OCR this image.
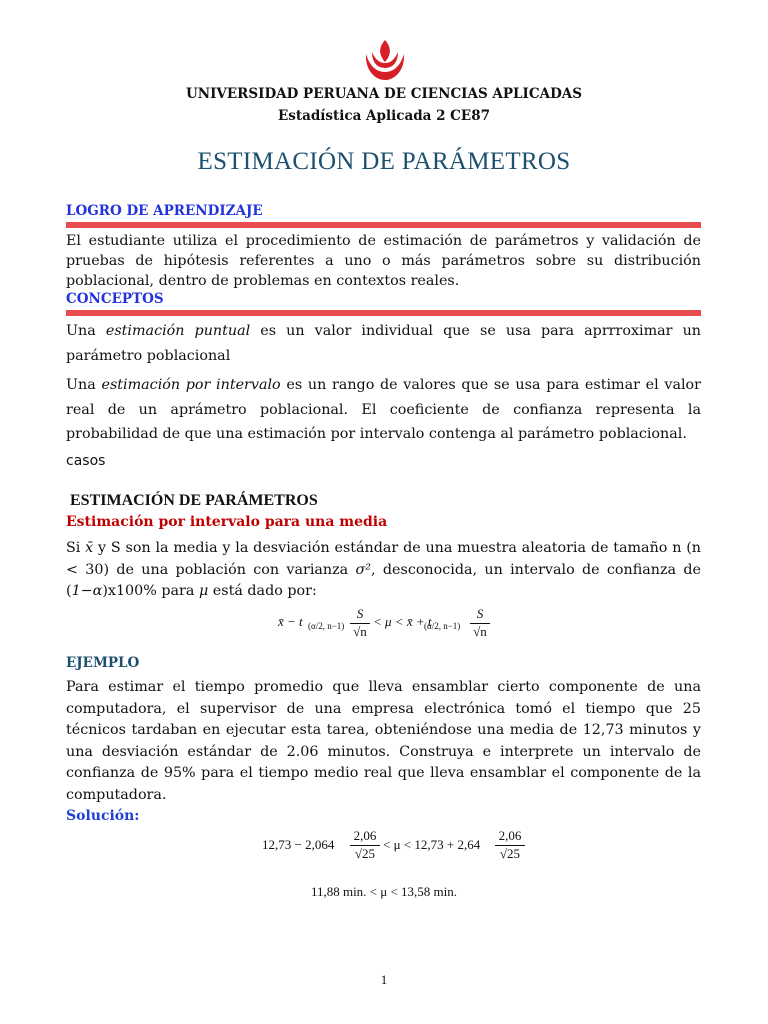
UNIVERSIDAD PERUANA DE CIENCIAS APLICADAS
Estadística Aplicada 2 CE87
ESTIMACIÓN DE PARÁMETROS
LOGRO DE APRENDIZAJE
El estudiante utiliza el procedimiento de estimación de parámetros y validación de pruebas de hipótesis referentes a uno o más parámetros sobre su distribución poblacional, dentro de problemas en contextos reales.
CONCEPTOS
Una estimación puntual es un valor individual que se usa para aprrroximar un parámetro poblacional
Una estimación por intervalo es un rango de valores que se usa para estimar el valor real de un aprámetro poblacional. El coeficiente de confianza representa la probabilidad de que una estimación por intervalo contenga al parámetro poblacional.
casos
ESTIMACIÓN DE PARÁMETROS
Estimación por intervalo para una media
Si x̄ y S son la media y la desviación estándar de una muestra aleatoria de tamaño n (n < 30) de una población con varianza σ², desconocida, un intervalo de confianza de (1−α)x100% para μ está dado por:
x̄ − t (α/2, n−1)
S
√n
< μ < x̄ + t
(α/2, n−1)
S
√n
EJEMPLO
Para estimar el tiempo promedio que lleva ensamblar cierto componente de una computadora, el supervisor de una empresa electrónica tomó el tiempo que 25 técnicos tardaban en ejecutar esta tarea, obteniéndose una media de 12,73 minutos y una desviación estándar de 2.06 minutos. Construya e interprete un intervalo de confianza de 95% para el tiempo medio real que lleva ensamblar el componente de la computadora.
Solución:
12,73 − 2,064
2,06
√25
< μ < 12,73 + 2,64
2,06
√25
11,88 min. < μ < 13,58 min.
1
